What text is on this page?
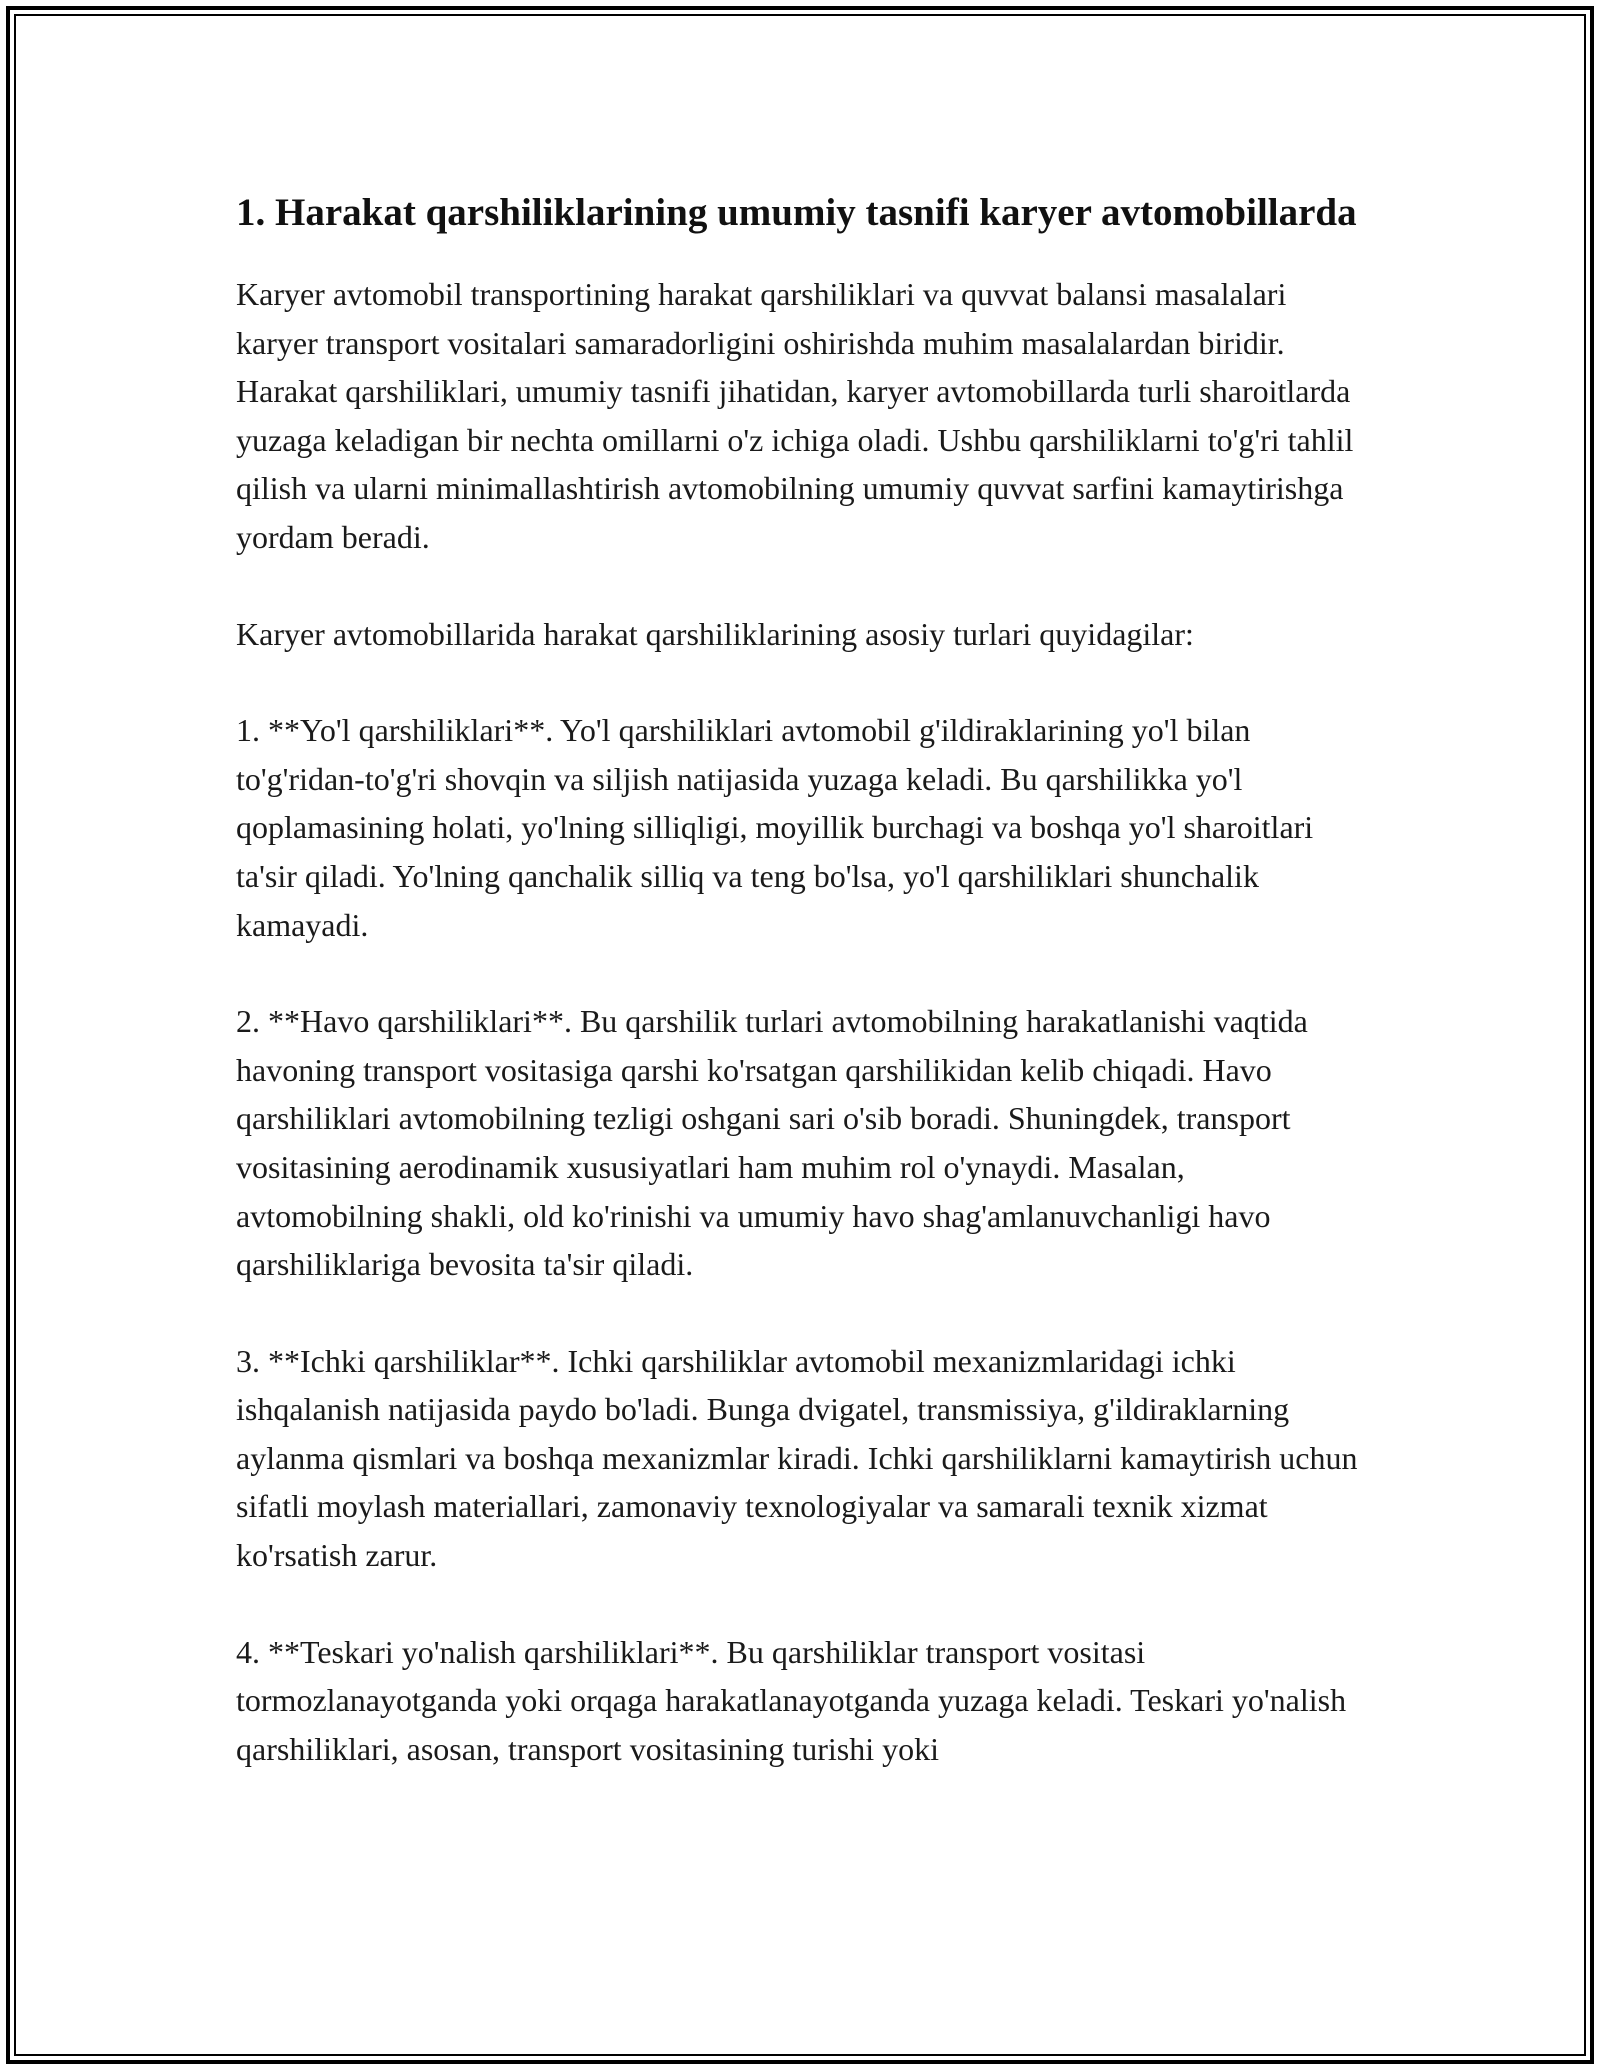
1. Harakat qarshiliklarining umumiy tasnifi karyer avtomobillarda

Karyer avtomobil transportining harakat qarshiliklari va quvvat balansi masalalari karyer transport vositalari samaradorligini oshirishda muhim masalalardan biridir. Harakat qarshiliklari, umumiy tasnifi jihatidan, karyer avtomobillarda turli sharoitlarda yuzaga keladigan bir nechta omillarni o'z ichiga oladi. Ushbu qarshiliklarni to'g'ri tahlil qilish va ularni minimallashtirish avtomobilning umumiy quvvat sarfini kamaytirishga yordam beradi.

Karyer avtomobillarida harakat qarshiliklarining asosiy turlari quyidagilar:

1. **Yo'l qarshiliklari**. Yo'l qarshiliklari avtomobil g'ildiraklarining yo'l bilan to'g'ridan-to'g'ri shovqin va siljish natijasida yuzaga keladi. Bu qarshilikka yo'l qoplamasining holati, yo'lning silliqligi, moyillik burchagi va boshqa yo'l sharoitlari ta'sir qiladi. Yo'lning qanchalik silliq va teng bo'lsa, yo'l qarshiliklari shunchalik kamayadi.

2. **Havo qarshiliklari**. Bu qarshilik turlari avtomobilning harakatlanishi vaqtida havoning transport vositasiga qarshi ko'rsatgan qarshilikidan kelib chiqadi. Havo qarshiliklari avtomobilning tezligi oshgani sari o'sib boradi. Shuningdek, transport vositasining aerodinamik xususiyatlari ham muhim rol o'ynaydi. Masalan, avtomobilning shakli, old ko'rinishi va umumiy havo shag'amlanuvchanligi havo qarshiliklariga bevosita ta'sir qiladi.

3. **Ichki qarshiliklar**. Ichki qarshiliklar avtomobil mexanizmlaridagi ichki ishqalanish natijasida paydo bo'ladi. Bunga dvigatel, transmissiya, g'ildiraklarning aylanma qismlari va boshqa mexanizmlar kiradi. Ichki qarshiliklarni kamaytirish uchun sifatli moylash materiallari, zamonaviy texnologiyalar va samarali texnik xizmat ko'rsatish zarur.

4. **Teskari yo'nalish qarshiliklari**. Bu qarshiliklar transport vositasi tormozlanayotganda yoki orqaga harakatlanayotganda yuzaga keladi. Teskari yo'nalish qarshiliklari, asosan, transport vositasining turishi yoki
